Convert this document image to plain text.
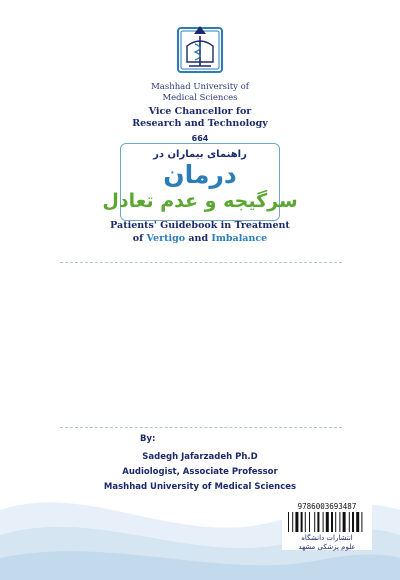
Mashhad University of
Medical Sciences
Vice Chancellor for
Research and Technology
664
راهنمای بیماران در
درمان
سرگیجه و عدم تعادل
Patients' Guidebook in Treatment
of Vertigo and Imbalance
By:
Sadegh Jafarzadeh Ph.D
Audiologist, Associate Professor
Mashhad University of Medical Sciences
9786003693487
انتشارات دانشگاه
علوم پزشکی مشهد
